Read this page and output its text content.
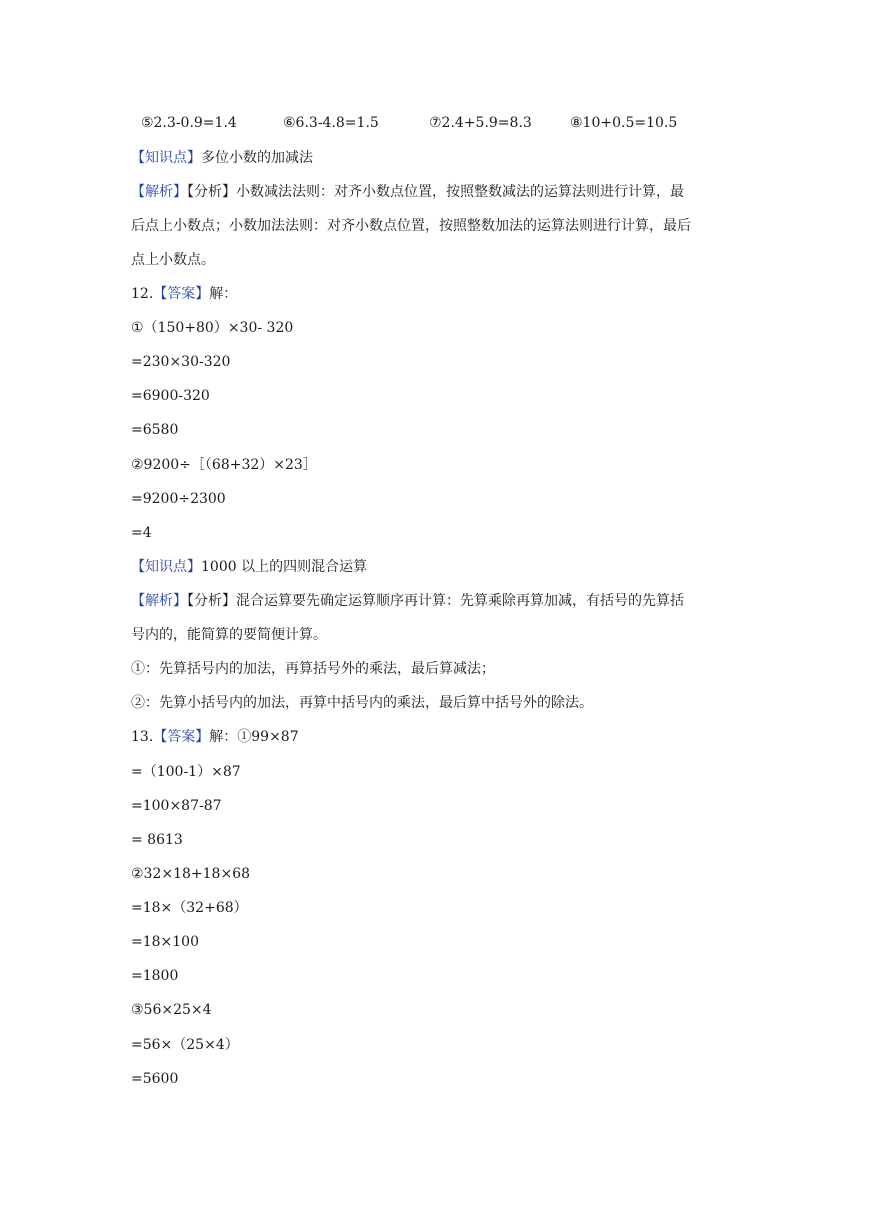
⑤2.3-0.9=1.4	⑥6.3-4.8=1.5	⑦2.4+5.9=8.3	⑧10+0.5=10.5
【知识点】多位小数的加减法
【解析】【分析】小数减法法则：对齐小数点位置，按照整数减法的运算法则进行计算，最
后点上小数点；小数加法法则：对齐小数点位置，按照整数加法的运算法则进行计算，最后
点上小数点。
12.【答案】解：
①（150+80）×30- 320
=230×30-320
=6900-320
=6580
②9200÷［（68+32）×23］
=9200÷2300
=4
【知识点】1000 以上的四则混合运算
【解析】【分析】混合运算要先确定运算顺序再计算：先算乘除再算加减，有括号的先算括
号内的，能简算的要简便计算。
①：先算括号内的加法，再算括号外的乘法，最后算减法；
②：先算小括号内的加法，再算中括号内的乘法，最后算中括号外的除法。
13.【答案】解：①99×87
=（100-1）×87
=100×87-87
= 8613
②32×18+18×68
=18×（32+68）
=18×100
=1800
③56×25×4
=56×（25×4）
=5600
